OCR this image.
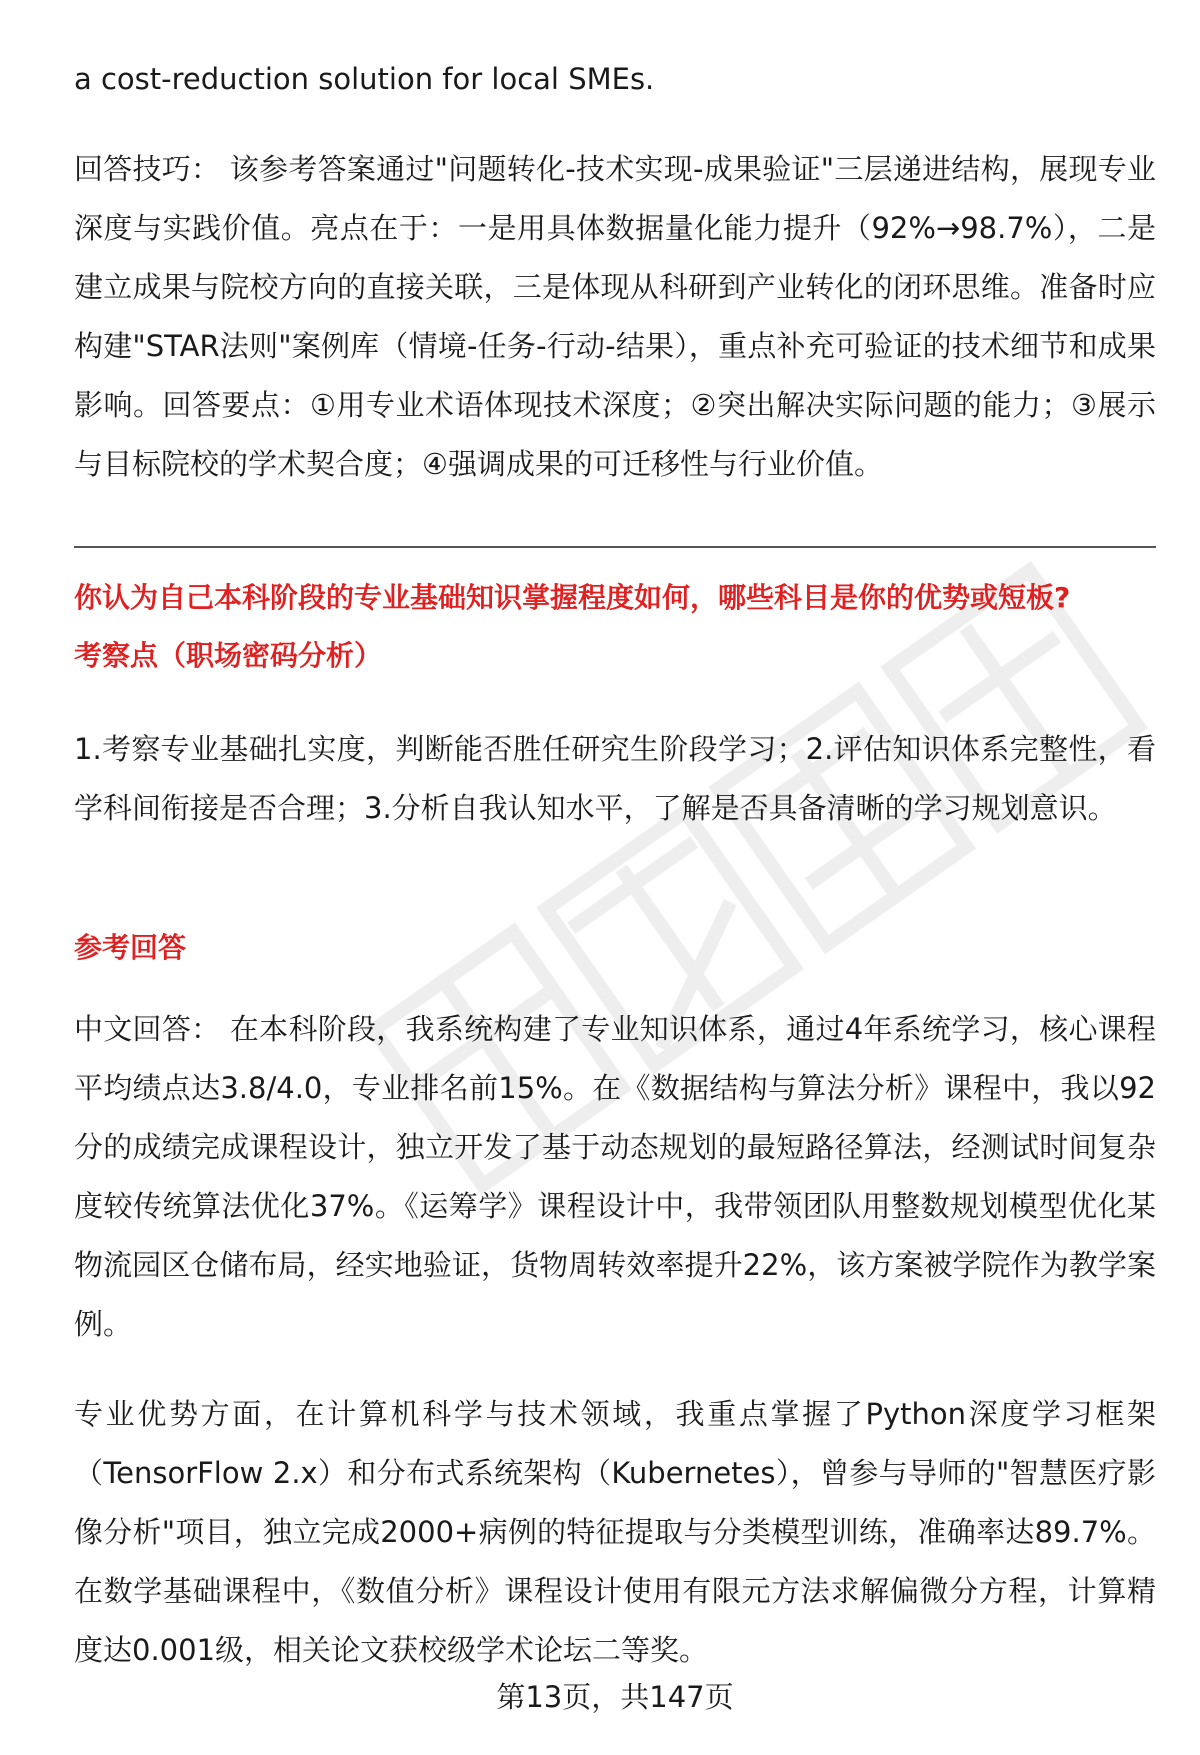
a cost-reduction solution for local SMEs.

回答技巧： 该参考答案通过"问题转化-技术实现-成果验证"三层递进结构，展现专业深度与实践价值。亮点在于：一是用具体数据量化能力提升（92%→98.7%），二是建立成果与院校方向的直接关联，三是体现从科研到产业转化的闭环思维。准备时应构建"STAR法则"案例库（情境-任务-行动-结果），重点补充可验证的技术细节和成果影响。回答要点：①用专业术语体现技术深度；②突出解决实际问题的能力；③展示与目标院校的学术契合度；④强调成果的可迁移性与行业价值。

你认为自己本科阶段的专业基础知识掌握程度如何，哪些科目是你的优势或短板?

考察点（职场密码分析）

1.考察专业基础扎实度，判断能否胜任研究生阶段学习；2.评估知识体系完整性，看学科间衔接是否合理；3.分析自我认知水平，了解是否具备清晰的学习规划意识。

参考回答

中文回答： 在本科阶段，我系统构建了专业知识体系，通过4年系统学习，核心课程平均绩点达3.8/4.0，专业排名前15%。在《数据结构与算法分析》课程中，我以92分的成绩完成课程设计，独立开发了基于动态规划的最短路径算法，经测试时间复杂度较传统算法优化37%。《运筹学》课程设计中，我带领团队用整数规划模型优化某物流园区仓储布局，经实地验证，货物周转效率提升22%，该方案被学院作为教学案例。

专业优势方面，在计算机科学与技术领域，我重点掌握了Python深度学习框架（TensorFlow 2.x）和分布式系统架构（Kubernetes），曾参与导师的"智慧医疗影像分析"项目，独立完成2000+病例的特征提取与分类模型训练，准确率达89.7%。在数学基础课程中，《数值分析》课程设计使用有限元方法求解偏微分方程，计算精度达0.001级，相关论文获校级学术论坛二等奖。

第13页，共147页
